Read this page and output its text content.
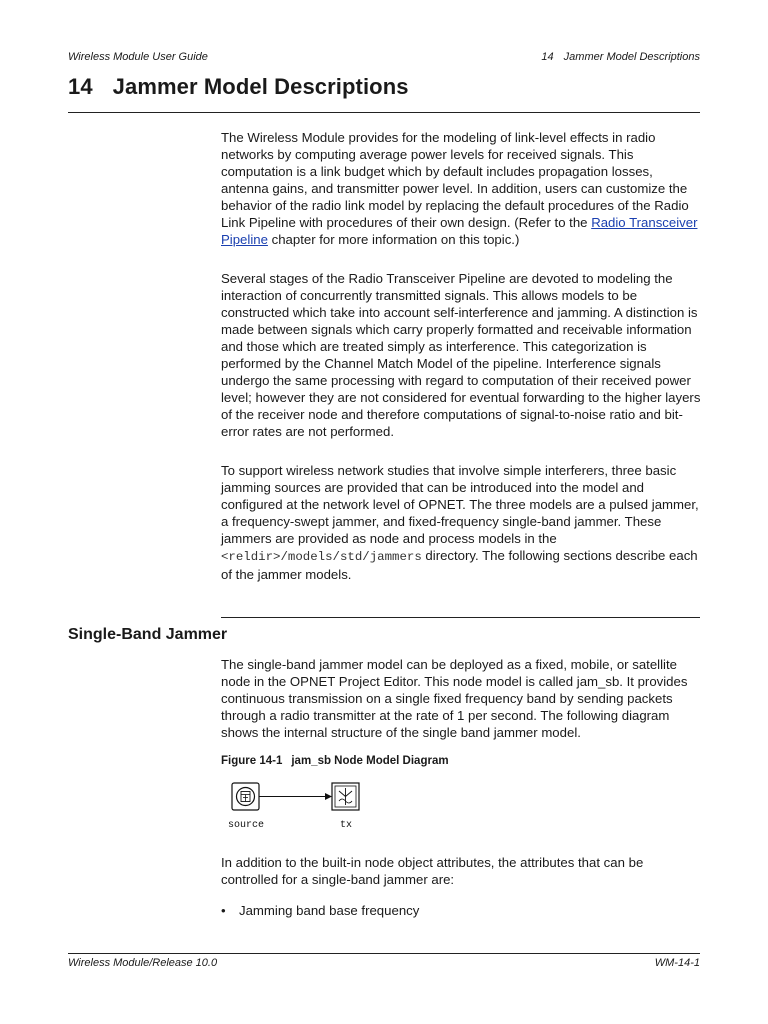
Wireless Module User Guide	14 Jammer Model Descriptions
14 Jammer Model Descriptions

The Wireless Module provides for the modeling of link-level effects in radio networks by computing average power levels for received signals. This computation is a link budget which by default includes propagation losses, antenna gains, and transmitter power level. In addition, users can customize the behavior of the radio link model by replacing the default procedures of the Radio Link Pipeline with procedures of their own design. (Refer to the Radio Transceiver Pipeline chapter for more information on this topic.)

Several stages of the Radio Transceiver Pipeline are devoted to modeling the interaction of concurrently transmitted signals. This allows models to be constructed which take into account self-interference and jamming. A distinction is made between signals which carry properly formatted and receivable information and those which are treated simply as interference. This categorization is performed by the Channel Match Model of the pipeline. Interference signals undergo the same processing with regard to computation of their received power level; however they are not considered for eventual forwarding to the higher layers of the receiver node and therefore computations of signal-to-noise ratio and bit-error rates are not performed.

To support wireless network studies that involve simple interferers, three basic jamming sources are provided that can be introduced into the model and configured at the network level of OPNET. The three models are a pulsed jammer, a frequency-swept jammer, and fixed-frequency single-band jammer. These jammers are provided as node and process models in the <reldir>/models/std/jammers directory. The following sections describe each of the jammer models.

Single-Band Jammer

The single-band jammer model can be deployed as a fixed, mobile, or satellite node in the OPNET Project Editor. This node model is called jam_sb. It provides continuous transmission on a single fixed frequency band by sending packets through a radio transmitter at the rate of 1 per second. The following diagram shows the internal structure of the single band jammer model.

Figure 14-1 jam_sb Node Model Diagram
source	tx

In addition to the built-in node object attributes, the attributes that can be controlled for a single-band jammer are:

• Jamming band base frequency
Wireless Module/Release 10.0	WM-14-1
